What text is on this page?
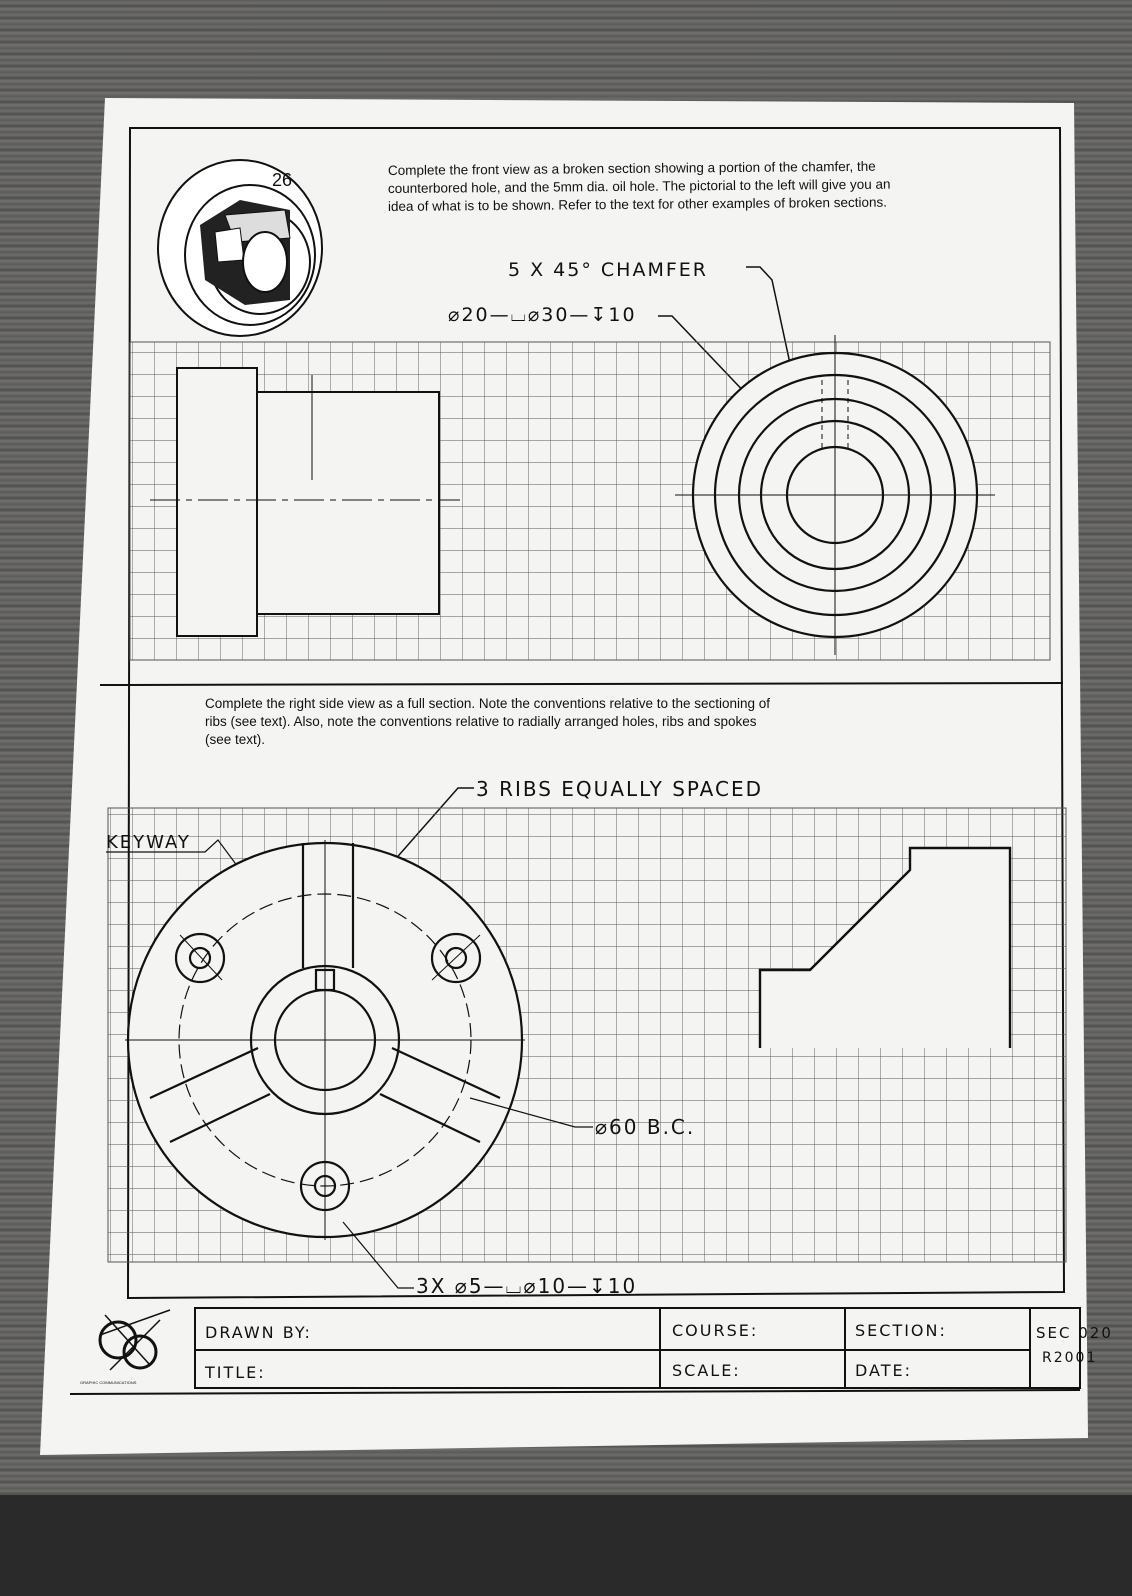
26
Complete the front view as a broken section showing a portion of the chamfer, the
counterbored hole, and the 5mm dia. oil hole. The pictorial to the left will give you an
idea of what is to be shown. Refer to the text for other examples of broken sections.
5 X 45° CHAMFER
⌀20—⌴⌀30—↧10
Complete the right side view as a full section. Note the conventions relative to the sectioning of
ribs (see text). Also, note the conventions relative to radially arranged holes, ribs and spokes
(see text).
3 RIBS EQUALLY SPACED
KEYWAY
⌀60 B.C.
3X ⌀5—⌴⌀10—↧10
DRAWN BY:	COURSE:	SECTION:
TITLE:	SCALE:	DATE:
SEC 020
R2001
GRAPHIC COMMUNICATIONS
